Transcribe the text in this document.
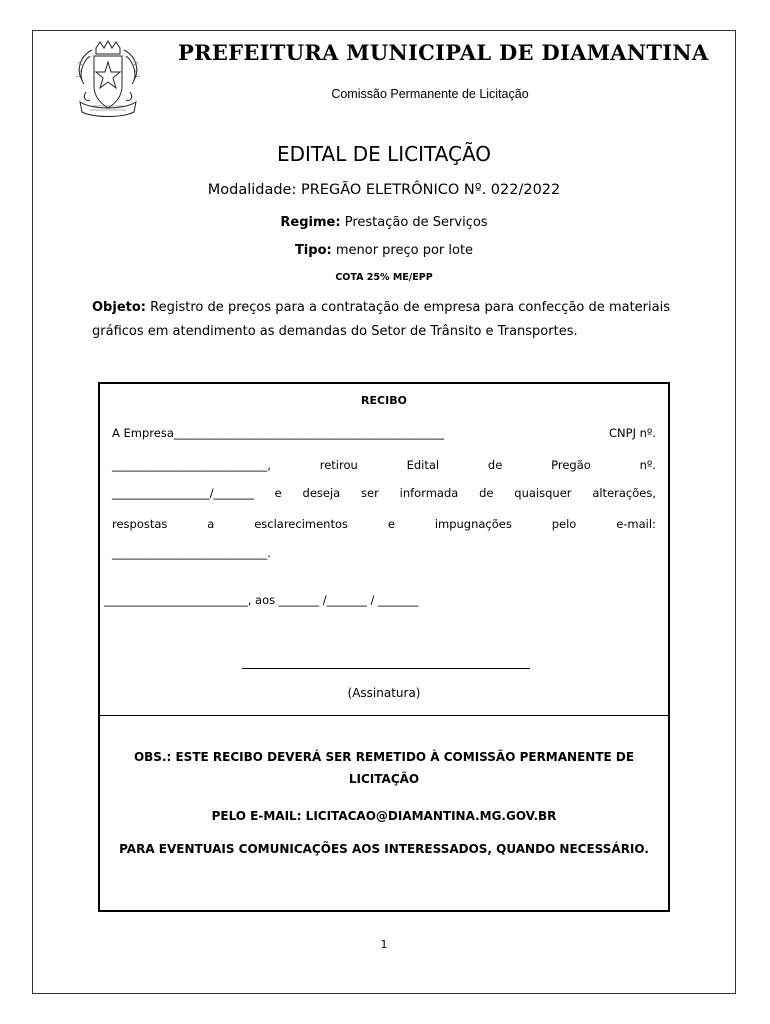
PREFEITURA MUNICIPAL DE DIAMANTINA
Comissão Permanente de Licitação
EDITAL DE LICITAÇÃO
Modalidade: PREGÃO ELETRÔNICO Nº. 022/2022
Regime: Prestação de Serviços
Tipo: menor preço por lote
COTA 25% ME/EPP
Objeto: Registro de preços para a contratação de empresa para confecção de materiais gráficos em atendimento as demandas do Setor de Trânsito e Transportes.
RECIBO
A Empresa_______________________________________________	CNPJ nº.
___________________________,	retirou	Edital	de	Pregão	nº.
_________________/_______ e deseja ser informada de quaisquer alterações,
respostas	a	esclarecimentos	e	impugnações	pelo	e-mail:
___________________________.
_________________________, aos _______ /_______ / _______
(Assinatura)
OBS.: ESTE RECIBO DEVERÁ SER REMETIDO À COMISSÃO PERMANENTE DE LICITAÇÃO
PELO E-MAIL: LICITACAO@DIAMANTINA.MG.GOV.BR
PARA EVENTUAIS COMUNICAÇÕES AOS INTERESSADOS, QUANDO NECESSÁRIO.
1
